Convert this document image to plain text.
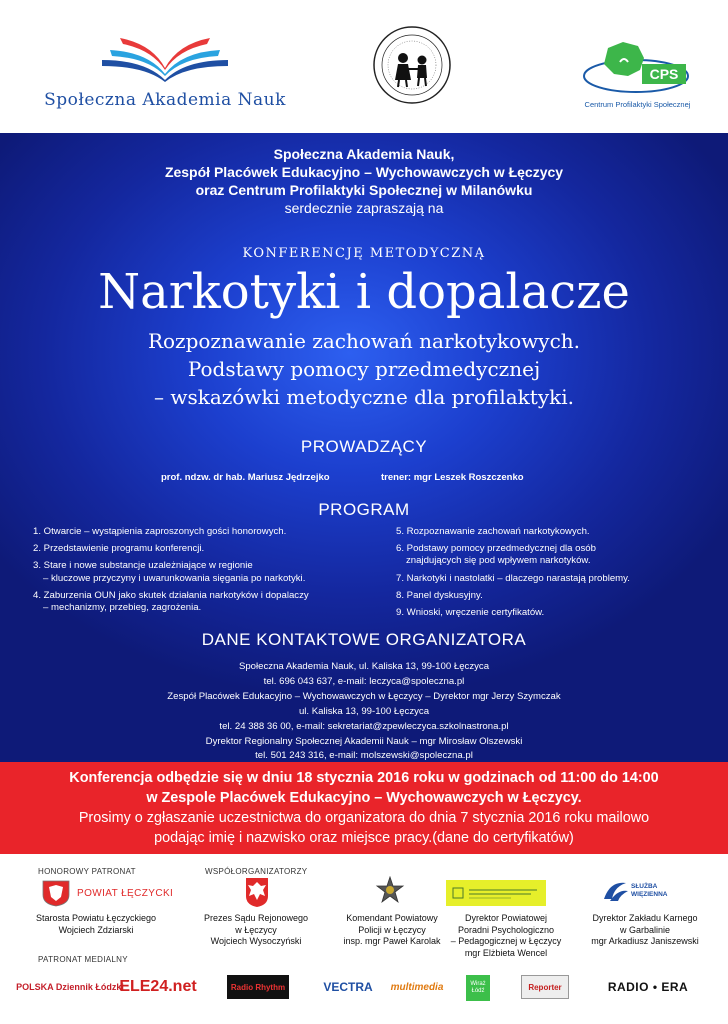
Społeczna Akademia Nauk
CPS
Centrum Profilaktyki Społecznej
Społeczna Akademia Nauk,
Zespół Placówek Edukacyjno – Wychowawczych w Łęczycy
oraz Centrum Profilaktyki Społecznej w Milanówku
serdecznie zapraszają na
KONFERENCJĘ METODYCZNĄ
Narkotyki i dopalacze
Rozpoznawanie zachowań narkotykowych.
Podstawy pomocy przedmedycznej
– wskazówki metodyczne dla profilaktyki.
PROWADZĄCY
prof. ndzw. dr hab. Mariusz Jędrzejko	trener: mgr Leszek Roszczenko
PROGRAM
1. Otwarcie – wystąpienia zaproszonych gości honorowych.
2. Przedstawienie programu konferencji.
3. Stare i nowe substancje uzależniające w regionie
– kluczowe przyczyny i uwarunkowania sięgania po narkotyki.
4. Zaburzenia OUN jako skutek działania narkotyków i dopalaczy
– mechanizmy, przebieg, zagrożenia.
5. Rozpoznawanie zachowań narkotykowych.
6. Podstawy pomocy przedmedycznej dla osób
znajdujących się pod wpływem narkotyków.
7. Narkotyki i nastolatki – dlaczego narastają problemy.
8. Panel dyskusyjny.
9. Wnioski, wręczenie certyfikatów.
DANE KONTAKTOWE ORGANIZATORA
Społeczna Akademia Nauk, ul. Kaliska 13, 99-100 Łęczyca
tel. 696 043 637, e-mail: leczyca@spoleczna.pl
Zespół Placówek Edukacyjno – Wychowawczych w Łęczycy – Dyrektor mgr Jerzy Szymczak
ul. Kaliska 13, 99-100 Łęczyca
tel. 24 388 36 00, e-mail: sekretariat@zpewleczyca.szkolnastrona.pl
Dyrektor Regionalny Społecznej Akademii Nauk – mgr Mirosław Olszewski
tel. 501 243 316, e-mail: molszewski@spoleczna.pl
Konferencja odbędzie się w dniu 18 stycznia 2016 roku w godzinach od 11:00 do 14:00
w Zespole Placówek Edukacyjno – Wychowawczych w Łęczycy.
Prosimy o zgłaszanie uczestnictwa do organizatora do dnia 7 stycznia 2016 roku mailowo
podając imię i nazwisko oraz miejsce pracy.(dane do certyfikatów)
HONOROWY PATRONAT	WSPÓŁORGANIZATORZY
POWIAT ŁĘCZYCKI
SŁUŻBA WIĘZIENNA
Starosta Powiatu Łęczyckiego
Wojciech Zdziarski
Prezes Sądu Rejonowego
w Łęczycy
Wojciech Wysoczyński
Komendant Powiatowy
Policji w Łęczycy
insp. mgr Paweł Karolak
Dyrektor Powiatowej
Poradni Psychologiczno
– Pedagogicznej w Łęczycy
mgr Elżbieta Wencel
Dyrektor Zakładu Karnego
w Garbalinie
mgr Arkadiusz Janiszewski
PATRONAT MEDIALNY
POLSKA Dziennik Łódzki
ELE24.net	Radio Rhythm	VECTRA	multimedia	Wiraż Łódź	Reporter	RADIO • ERA
